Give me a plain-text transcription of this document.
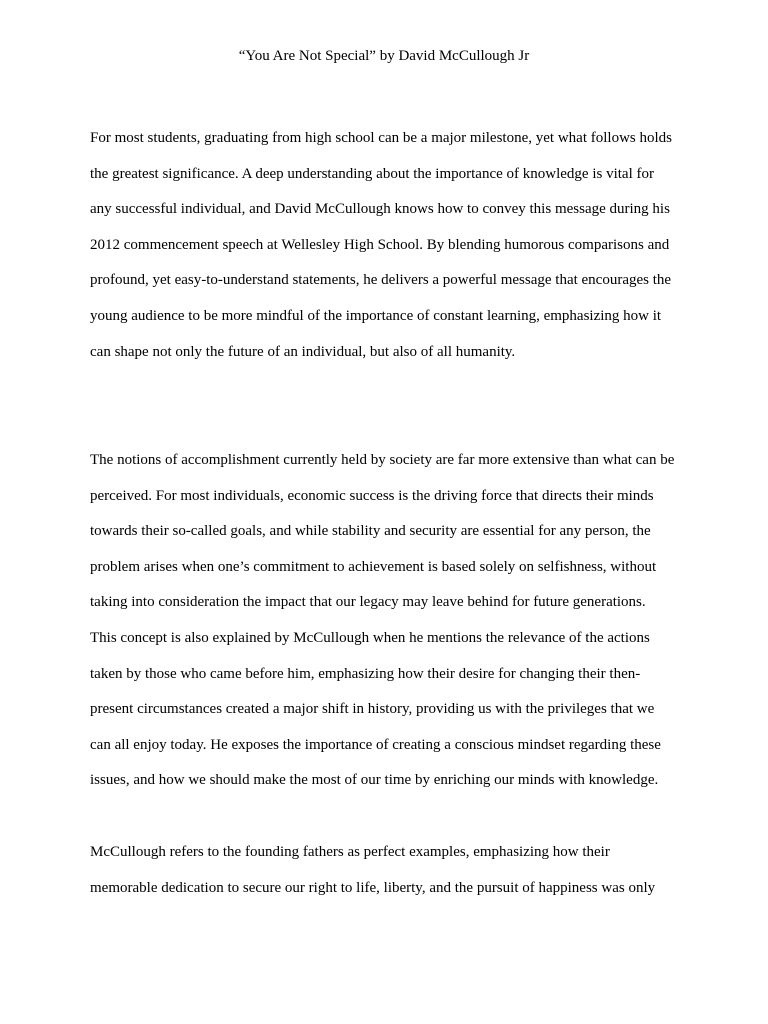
“You Are Not Special” by David McCullough Jr
For most students, graduating from high school can be a major milestone, yet what follows holds
the greatest significance. A deep understanding about the importance of knowledge is vital for
any successful individual, and David McCullough knows how to convey this message during his
2012 commencement speech at Wellesley High School. By blending humorous comparisons and
profound, yet easy-to-understand statements, he delivers a powerful message that encourages the
young audience to be more mindful of the importance of constant learning, emphasizing how it
can shape not only the future of an individual, but also of all humanity.
The notions of accomplishment currently held by society are far more extensive than what can be
perceived. For most individuals, economic success is the driving force that directs their minds
towards their so-called goals, and while stability and security are essential for any person, the
problem arises when one’s commitment to achievement is based solely on selfishness, without
taking into consideration the impact that our legacy may leave behind for future generations.
This concept is also explained by McCullough when he mentions the relevance of the actions
taken by those who came before him, emphasizing how their desire for changing their then-
present circumstances created a major shift in history, providing us with the privileges that we
can all enjoy today. He exposes the importance of creating a conscious mindset regarding these
issues, and how we should make the most of our time by enriching our minds with knowledge.
McCullough refers to the founding fathers as perfect examples, emphasizing how their
memorable dedication to secure our right to life, liberty, and the pursuit of happiness was only
